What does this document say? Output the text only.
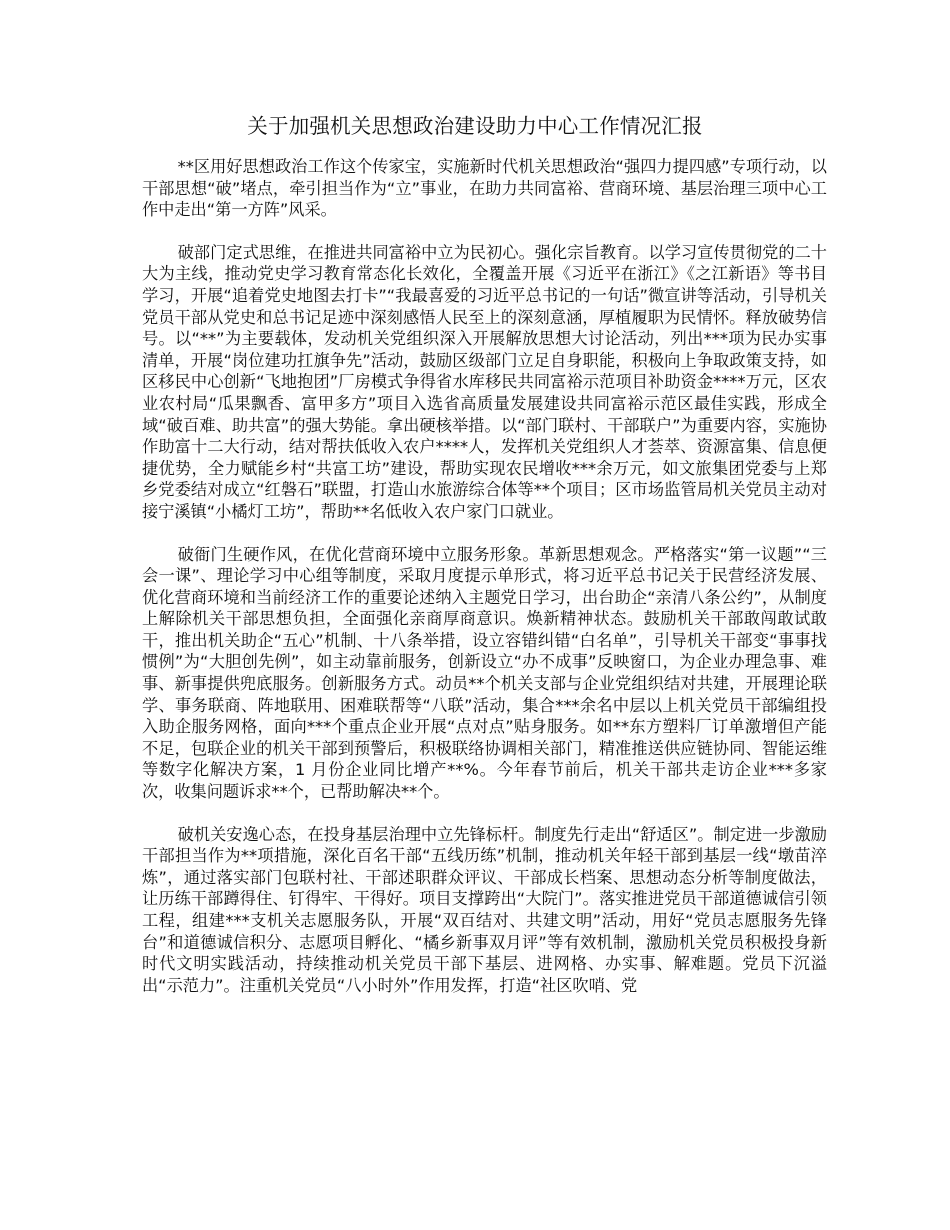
关于加强机关思想政治建设助力中心工作情况汇报

**区用好思想政治工作这个传家宝，实施新时代机关思想政治“强四力提四感”专项行动，以干部思想“破”堵点，牵引担当作为“立”事业，在助力共同富裕、营商环境、基层治理三项中心工作中走出“第一方阵”风采。

破部门定式思维，在推进共同富裕中立为民初心。强化宗旨教育。以学习宣传贯彻党的二十大为主线，推动党史学习教育常态化长效化，全覆盖开展《习近平在浙江》《之江新语》等书目学习，开展“追着党史地图去打卡”“我最喜爱的习近平总书记的一句话”微宣讲等活动，引导机关党员干部从党史和总书记足迹中深刻感悟人民至上的深刻意涵，厚植履职为民情怀。释放破势信号。以“**”为主要载体，发动机关党组织深入开展解放思想大讨论活动，列出***项为民办实事清单，开展“岗位建功扛旗争先”活动，鼓励区级部门立足自身职能，积极向上争取政策支持，如区移民中心创新“飞地抱团”厂房模式争得省水库移民共同富裕示范项目补助资金****万元，区农业农村局“瓜果飘香、富甲多方”项目入选省高质量发展建设共同富裕示范区最佳实践，形成全域“破百难、助共富”的强大势能。拿出硬核举措。以“部门联村、干部联户”为重要内容，实施协作助富十二大行动，结对帮扶低收入农户****人，发挥机关党组织人才荟萃、资源富集、信息便捷优势，全力赋能乡村“共富工坊”建设，帮助实现农民增收***余万元，如文旅集团党委与上郑乡党委结对成立“红磐石”联盟，打造山水旅游综合体等**个项目；区市场监管局机关党员主动对接宁溪镇“小橘灯工坊”，帮助**名低收入农户家门口就业。

破衙门生硬作风，在优化营商环境中立服务形象。革新思想观念。严格落实“第一议题”“三会一课”、理论学习中心组等制度，采取月度提示单形式，将习近平总书记关于民营经济发展、优化营商环境和当前经济工作的重要论述纳入主题党日学习，出台助企“亲清八条公约”，从制度上解除机关干部思想负担，全面强化亲商厚商意识。焕新精神状态。鼓励机关干部敢闯敢试敢干，推出机关助企“五心”机制、十八条举措，设立容错纠错“白名单”，引导机关干部变“事事找惯例”为“大胆创先例”，如主动靠前服务，创新设立“办不成事”反映窗口，为企业办理急事、难事、新事提供兜底服务。创新服务方式。动员**个机关支部与企业党组织结对共建，开展理论联学、事务联商、阵地联用、困难联帮等“八联”活动，集合***余名中层以上机关党员干部编组投入助企服务网格，面向***个重点企业开展“点对点”贴身服务。如**东方塑料厂订单激增但产能不足，包联企业的机关干部到预警后，积极联络协调相关部门，精准推送供应链协同、智能运维等数字化解决方案，1 月份企业同比增产**%。今年春节前后，机关干部共走访企业***多家次，收集问题诉求**个，已帮助解决**个。

破机关安逸心态，在投身基层治理中立先锋标杆。制度先行走出“舒适区”。制定进一步激励干部担当作为**项措施，深化百名干部“五线历练”机制，推动机关年轻干部到基层一线“墩苗淬炼”，通过落实部门包联村社、干部述职群众评议、干部成长档案、思想动态分析等制度做法，让历练干部蹲得住、钉得牢、干得好。项目支撑跨出“大院门”。落实推进党员干部道德诚信引领工程，组建***支机关志愿服务队，开展“双百结对、共建文明”活动，用好“党员志愿服务先锋台”和道德诚信积分、志愿项目孵化、“橘乡新事双月评”等有效机制，激励机关党员积极投身新时代文明实践活动，持续推动机关党员干部下基层、进网格、办实事、解难题。党员下沉溢出“示范力”。注重机关党员“八小时外”作用发挥，打造“社区吹哨、党
